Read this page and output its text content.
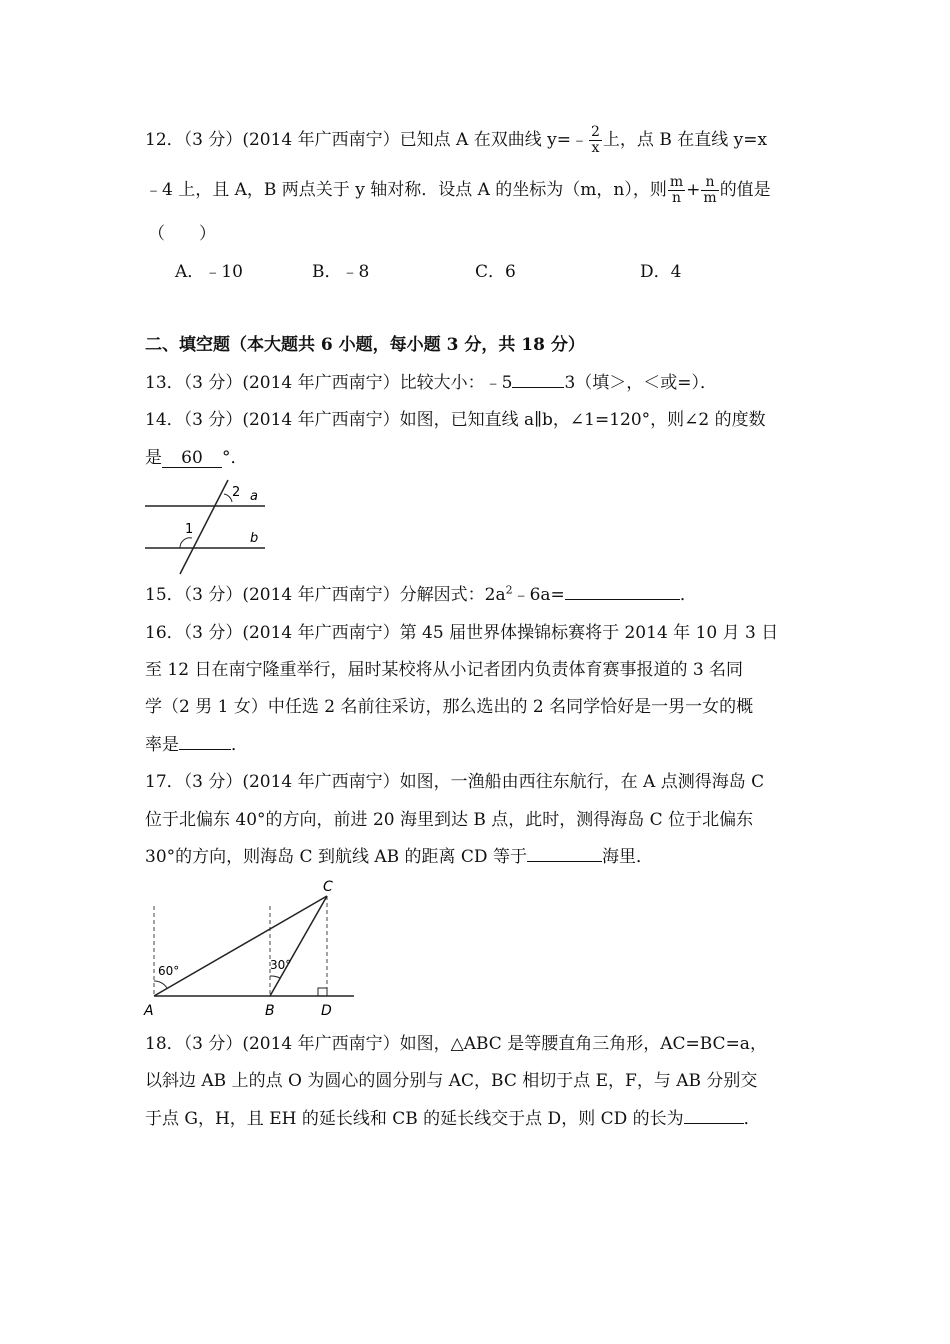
12．（3 分）(2014 年广西南宁）已知点 A 在双曲线 y=﹣ $\frac{2}{x}$ 上，点 B 在直线 y=x
﹣4 上，且 A，B 两点关于 y 轴对称．设点 A 的坐标为（m，n），则 $\frac{m}{n} + \frac{n}{m}$ 的值是
（　　）
A．﹣10	B．﹣8	C．6	D．4
二、填空题（本大题共 6 小题，每小题 3 分，共 18 分）
13．（3 分）(2014 年广西南宁）比较大小：﹣5	3（填＞，＜或=）．
14．（3 分）(2014 年广西南宁）如图，已知直线 a∥b，∠1=120°，则∠2 的度数
是 60 °．
1
2 a
b
15．（3 分）(2014 年广西南宁）分解因式：$2a^2﹣6a=$	．
16．（3 分）(2014 年广西南宁）第 45 届世界体操锦标赛将于 2014 年 10 月 3 日
至 12 日在南宁隆重举行，届时某校将从小记者团内负责体育赛事报道的 3 名同
学（2 男 1 女）中任选 2 名前往采访，那么选出的 2 名同学恰好是一男一女的概
率是	．
17．（3 分）(2014 年广西南宁）如图，一渔船由西往东航行，在 A 点测得海岛 C
位于北偏东 40°的方向，前进 20 海里到达 B 点，此时，测得海岛 C 位于北偏东
30°的方向，则海岛 C 到航线 AB 的距离 CD 等于	海里．
60°	30°
A	B
C
D
18．（3 分）(2014 年广西南宁）如图，△ABC 是等腰直角三角形，AC=BC=a，
以斜边 AB 上的点 O 为圆心的圆分别与 AC，BC 相切于点 E，F，与 AB 分别交
于点 G，H，且 EH 的延长线和 CB 的延长线交于点 D，则 CD 的长为	．
